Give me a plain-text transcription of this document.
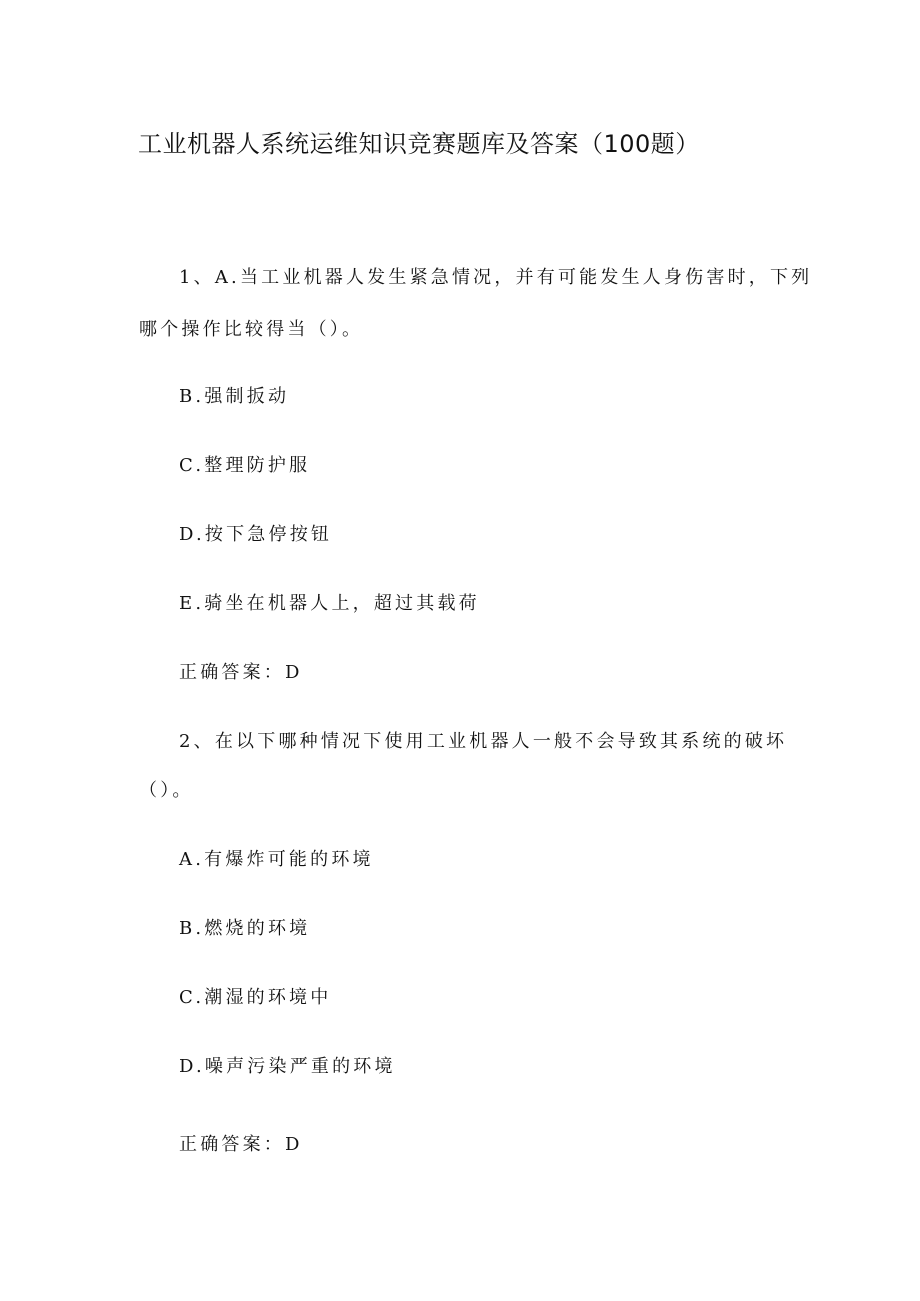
工业机器人系统运维知识竞赛题库及答案（100题）

1、A.当工业机器人发生紧急情况，并有可能发生人身伤害时，下列

哪个操作比较得当（）。

B.强制扳动

C.整理防护服

D.按下急停按钮

E.骑坐在机器人上，超过其载荷

正确答案：D

2、在以下哪种情况下使用工业机器人一般不会导致其系统的破坏

（）。

A.有爆炸可能的环境

B.燃烧的环境

C.潮湿的环境中

D.噪声污染严重的环境

正确答案：D
